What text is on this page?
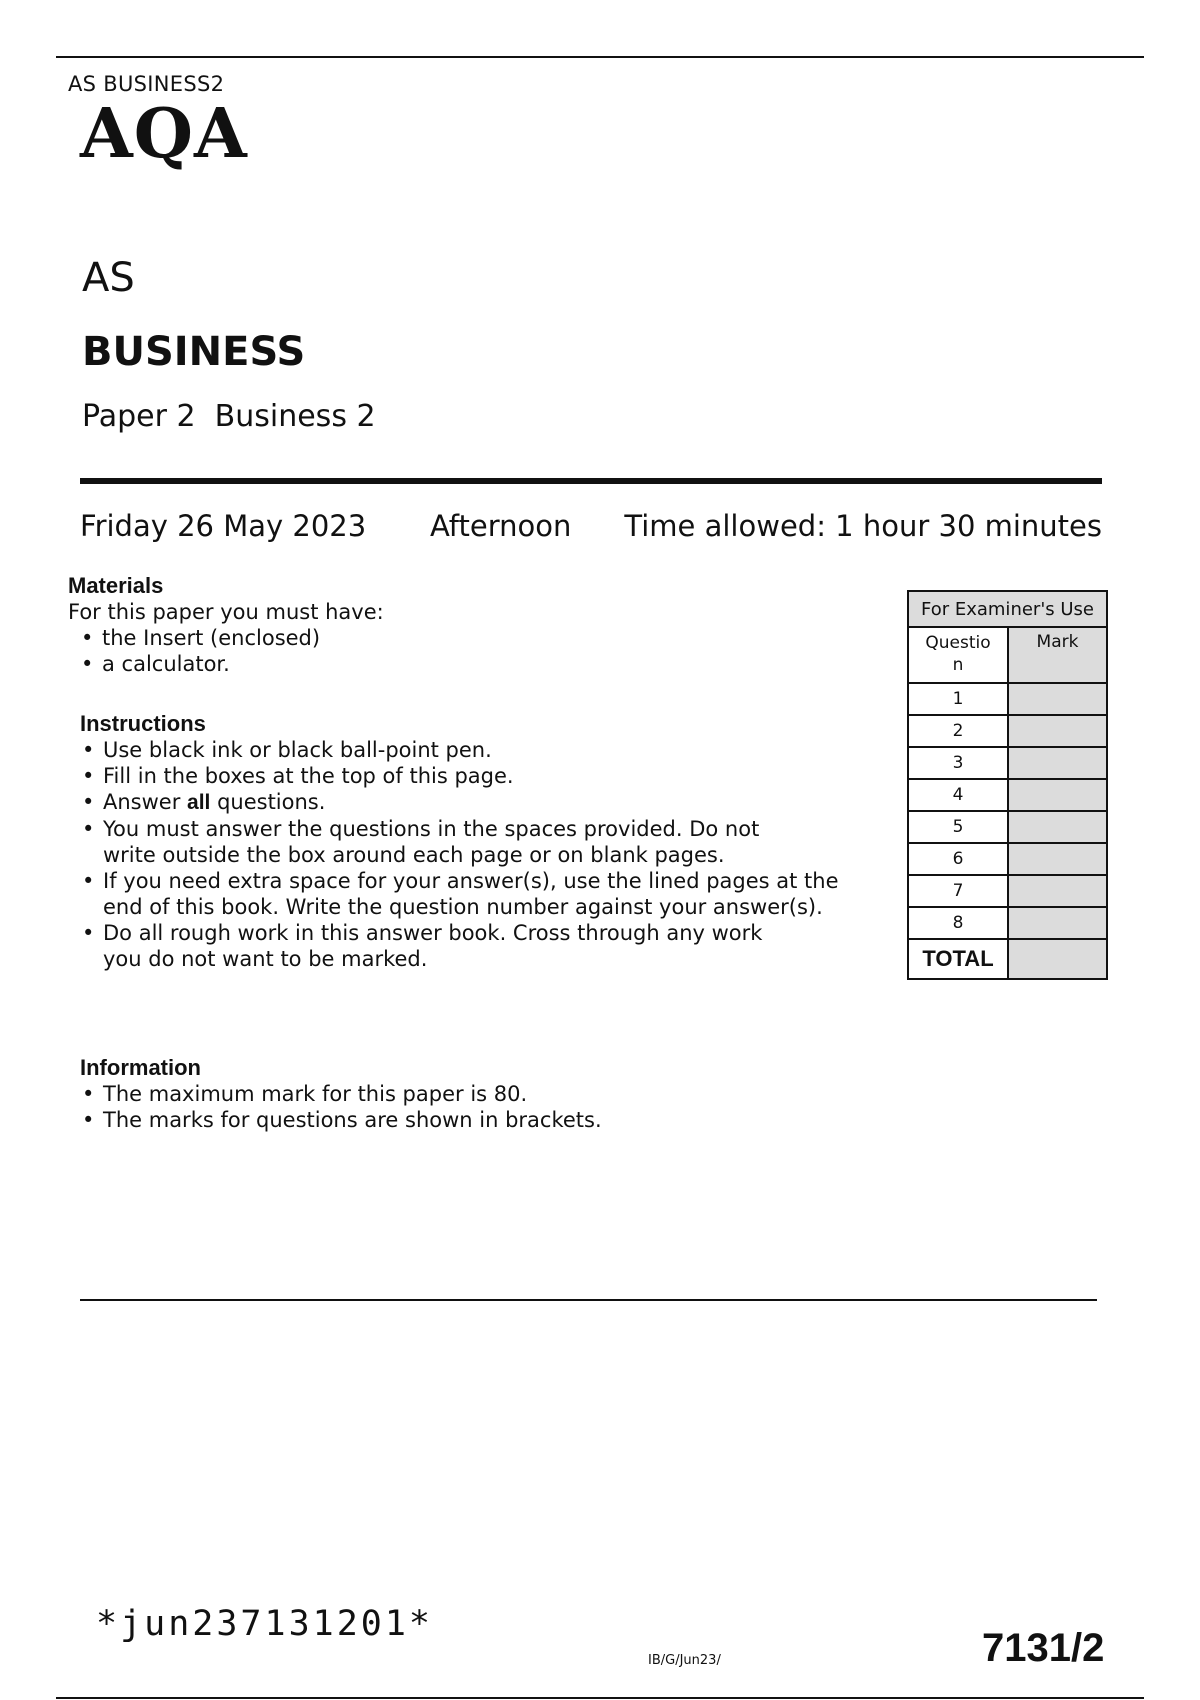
AS BUSINESS2
AQA
AS
BUSINESS
Paper 2  Business 2
Friday 26 May 2023 Afternoon Time allowed: 1 hour 30 minutes
Materials
For this paper you must have:
• the Insert (enclosed)
• a calculator.
Instructions
• Use black ink or black ball-point pen.
• Fill in the boxes at the top of this page.
• Answer all questions.
• You must answer the questions in the spaces provided. Do not write outside the box around each page or on blank pages.
• If you need extra space for your answer(s), use the lined pages at the end of this book. Write the question number against your answer(s).
• Do all rough work in this answer book. Cross through any work you do not want to be marked.
Information
• The maximum mark for this paper is 80.
• The marks for questions are shown in brackets.
For Examiner's Use	
Questio n	Mark
1	
2	
3	
4	
5	
6	
7	
8	
TOTAL	
*jun237131201*
IB/G/Jun23/	7131/2
